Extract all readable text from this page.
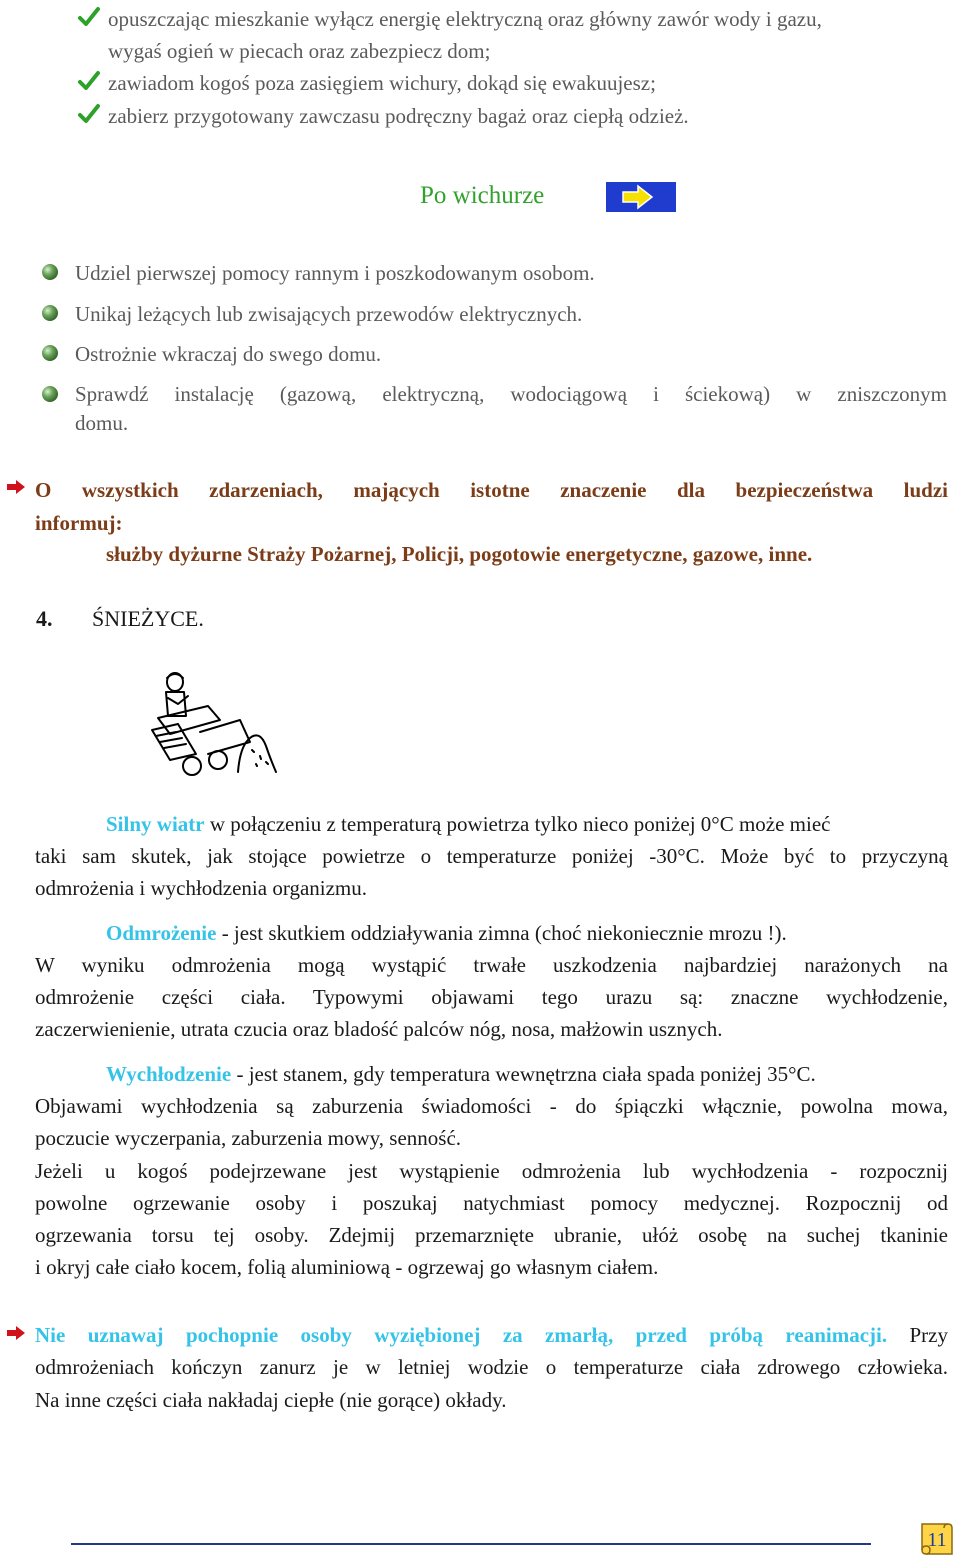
opuszczając mieszkanie wyłącz energię elektryczną oraz główny zawór wody i gazu,
wygaś ogień w piecach oraz zabezpiecz dom;
zawiadom kogoś poza zasięgiem wichury, dokąd się ewakuujesz;
zabierz przygotowany zawczasu podręczny bagaż oraz ciepłą odzież.
Po wichurze
Udziel pierwszej pomocy rannym i poszkodowanym osobom.
Unikaj leżących lub zwisających przewodów elektrycznych.
Ostrożnie wkraczaj do swego domu.
Sprawdź instalację (gazową, elektryczną, wodociągową i ściekową) w zniszczonym
domu.
O wszystkich zdarzeniach, mających istotne znaczenie dla bezpieczeństwa ludzi
informuj:
służby dyżurne Straży Pożarnej, Policji, pogotowie energetyczne, gazowe, inne.
4. ŚNIEŻYCE.
Silny wiatr w połączeniu z temperaturą powietrza tylko nieco poniżej 0°C może mieć
taki sam skutek, jak stojące powietrze o temperaturze poniżej -30°C. Może być to przyczyną
odmrożenia i wychłodzenia organizmu.
Odmrożenie - jest skutkiem oddziaływania zimna (choć niekoniecznie mrozu !).
W wyniku odmrożenia mogą wystąpić trwałe uszkodzenia najbardziej narażonych na
odmrożenie części ciała. Typowymi objawami tego urazu są: znaczne wychłodzenie,
zaczerwienienie, utrata czucia oraz bladość palców nóg, nosa, małżowin usznych.
Wychłodzenie - jest stanem, gdy temperatura wewnętrzna ciała spada poniżej 35°C.
Objawami wychłodzenia są zaburzenia świadomości - do śpiączki włącznie, powolna mowa,
poczucie wyczerpania, zaburzenia mowy, senność.
Jeżeli u kogoś podejrzewane jest wystąpienie odmrożenia lub wychłodzenia - rozpocznij
powolne ogrzewanie osoby i poszukaj natychmiast pomocy medycznej. Rozpocznij od
ogrzewania torsu tej osoby. Zdejmij przemarznięte ubranie, ułóż osobę na suchej tkaninie
i okryj całe ciało kocem, folią aluminiową - ogrzewaj go własnym ciałem.
Nie uznawaj pochopnie osoby wyziębionej za zmarłą, przed próbą reanimacji. Przy
odmrożeniach kończyn zanurz je w letniej wodzie o temperaturze ciała zdrowego człowieka.
Na inne części ciała nakładaj ciepłe (nie gorące) okłady.
11
